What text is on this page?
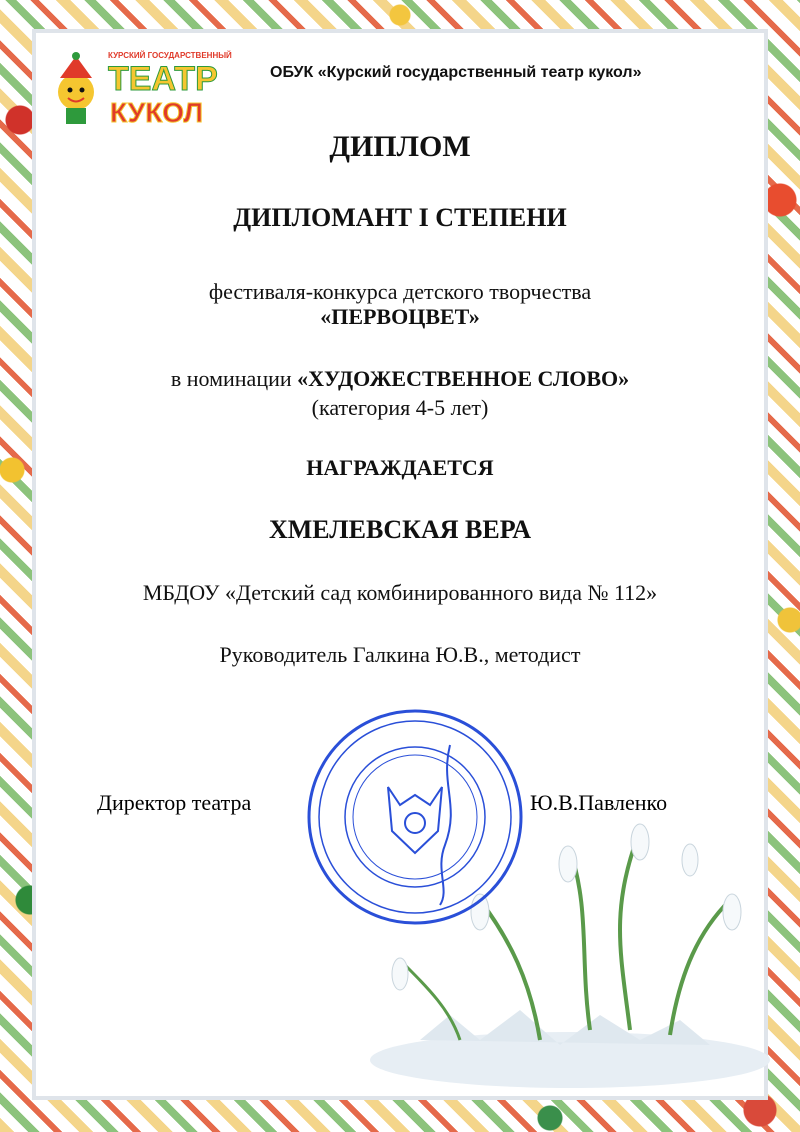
КУРСКИЙ ГОСУДАРСТВЕННЫЙ
ТЕАТР
КУКОЛ
ОБУК «Курский государственный театр кукол»
ДИПЛОМ
ДИПЛОМАНТ I СТЕПЕНИ
фестиваля-конкурса детского творчества
«ПЕРВОЦВЕТ»
в номинации «ХУДОЖЕСТВЕННОЕ СЛОВО»
(категория 4-5 лет)
НАГРАЖДАЕТСЯ
ХМЕЛЕВСКАЯ ВЕРА
МБДОУ «Детский сад комбинированного вида № 112»
Руководитель Галкина Ю.В., методист
Директор театра	Ю.В.Павленко
